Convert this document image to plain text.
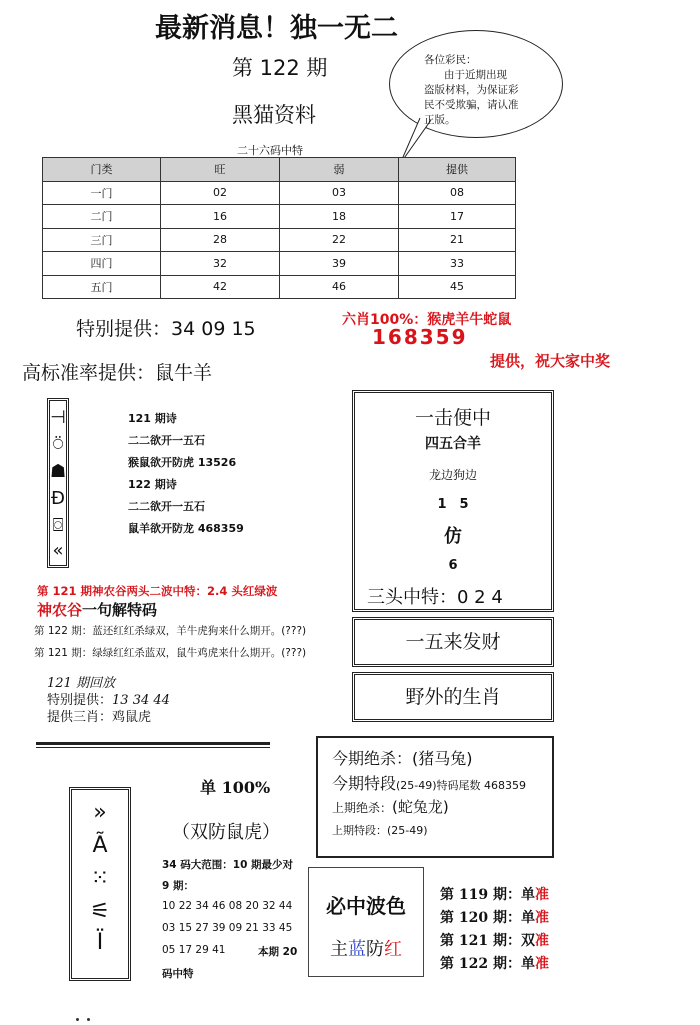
最新消息！独一无二
第 122 期
黑猫资料
各位彩民：
由于近期出现
盗版材料，为保证彩
民不受欺骗，请认准
正版。
二十六码中特
门类	旺	弱	提供
一门	02	03	08
二门	16	18	17
三门	28	22	21
四门	32	39	33
五门	42	46	45
特别提供：34 09 15	六肖100%：猴虎羊牛蛇鼠
168359
提供，祝大家中奖
高标准率提供：鼠牛羊
⊣
⍥
☗
Ɖ
⌼
«
121 期诗
二二欲开一五石
猴鼠欲开防虎 13526
122 期诗
二二欲开一五石
鼠羊欲开防龙 468359
一击便中
四五合羊
龙边狗边
1　5
仿
6
三头中特：0 2 4
一五来发财
野外的生肖
第 121 期神农谷两头二波中特：2.4 头红绿波
神农谷一句解特码
第 122 期：蓝还红红杀绿双，羊牛虎狗来什么期开。(???)
第 121 期：绿绿红红杀蓝双，鼠牛鸡虎来什么期开。(???)
121 期回放
特别提供：13 34 44
提供三肖：鸡鼠虎
今期绝杀：(猪马兔)
今期特段(25-49)特码尾数 468359
上期绝杀：(蛇兔龙)
上期特段：(25-49)
»
Ã
⁙
⚟
Ï
单 100%
（双防鼠虎）
34 码大范围：10 期最少对
9 期：
10 22 34 46 08 20 32 44
03 15 27 39 09 21 33 45
05 17 29 41	本期 20
码中特
必中波色
主蓝防红
第 119 期：单准
第 120 期：单准
第 121 期：双准
第 122 期：单准
